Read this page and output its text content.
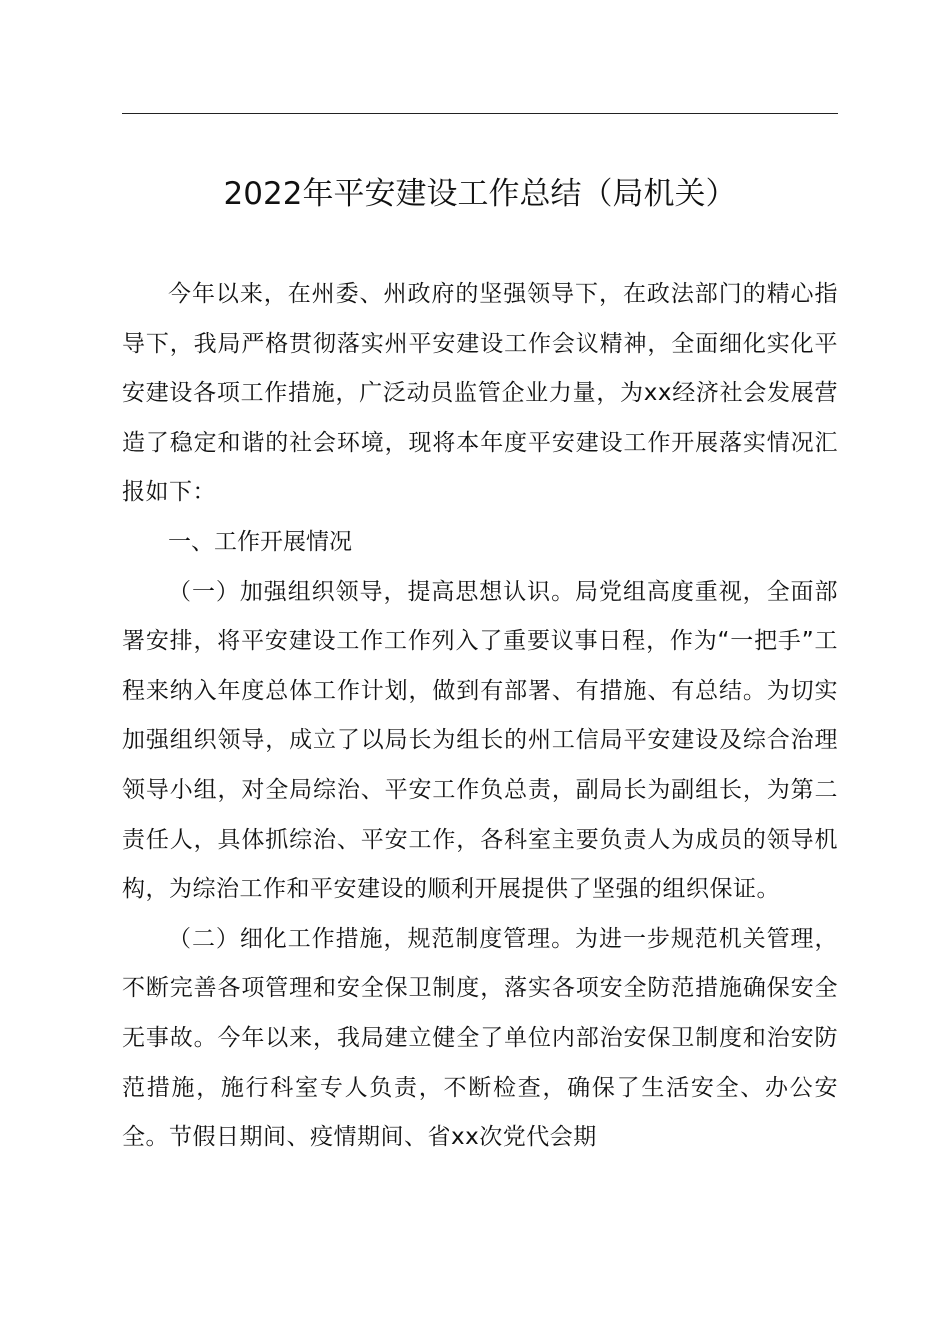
2022年平安建设工作总结（局机关）

今年以来，在州委、州政府的坚强领导下，在政法部门的精心指导下，我局严格贯彻落实州平安建设工作会议精神，全面细化实化平安建设各项工作措施，广泛动员监管企业力量，为xx经济社会发展营造了稳定和谐的社会环境，现将本年度平安建设工作开展落实情况汇报如下：

一、工作开展情况

（一）加强组织领导，提高思想认识。局党组高度重视，全面部署安排，将平安建设工作工作列入了重要议事日程，作为“一把手”工程来纳入年度总体工作计划，做到有部署、有措施、有总结。为切实加强组织领导，成立了以局长为组长的州工信局平安建设及综合治理领导小组，对全局综治、平安工作负总责，副局长为副组长，为第二责任人，具体抓综治、平安工作，各科室主要负责人为成员的领导机构，为综治工作和平安建设的顺利开展提供了坚强的组织保证。

（二）细化工作措施，规范制度管理。为进一步规范机关管理，不断完善各项管理和安全保卫制度，落实各项安全防范措施确保安全无事故。今年以来，我局建立健全了单位内部治安保卫制度和治安防范措施，施行科室专人负责，不断检查，确保了生活安全、办公安全。节假日期间、疫情期间、省xx次党代会期
